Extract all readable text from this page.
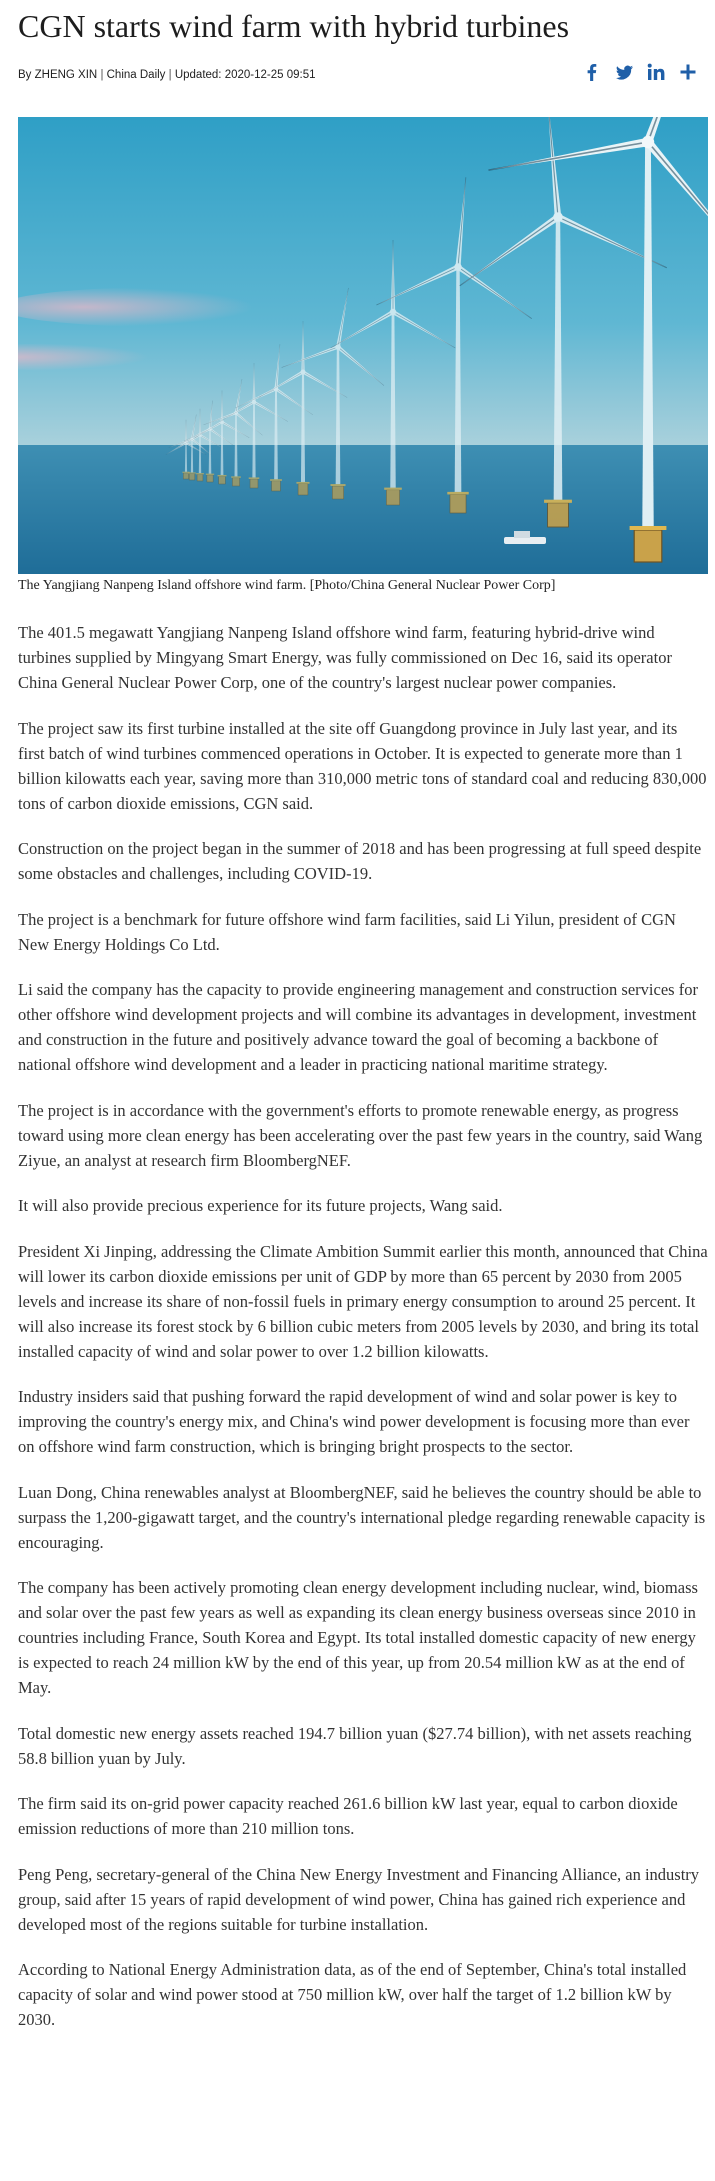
CGN starts wind farm with hybrid turbines
By ZHENG XIN | China Daily | Updated: 2020-12-25 09:51
The Yangjiang Nanpeng Island offshore wind farm. [Photo/China General Nuclear Power Corp]

The 401.5 megawatt Yangjiang Nanpeng Island offshore wind farm, featuring hybrid-drive wind turbines supplied by Mingyang Smart Energy, was fully commissioned on Dec 16, said its operator China General Nuclear Power Corp, one of the country's largest nuclear power companies.

The project saw its first turbine installed at the site off Guangdong province in July last year, and its first batch of wind turbines commenced operations in October. It is expected to generate more than 1 billion kilowatts each year, saving more than 310,000 metric tons of standard coal and reducing 830,000 tons of carbon dioxide emissions, CGN said.

Construction on the project began in the summer of 2018 and has been progressing at full speed despite some obstacles and challenges, including COVID-19.

The project is a benchmark for future offshore wind farm facilities, said Li Yilun, president of CGN New Energy Holdings Co Ltd.

Li said the company has the capacity to provide engineering management and construction services for other offshore wind development projects and will combine its advantages in development, investment and construction in the future and positively advance toward the goal of becoming a backbone of national offshore wind development and a leader in practicing national maritime strategy.

The project is in accordance with the government's efforts to promote renewable energy, as progress toward using more clean energy has been accelerating over the past few years in the country, said Wang Ziyue, an analyst at research firm BloombergNEF.

It will also provide precious experience for its future projects, Wang said.

President Xi Jinping, addressing the Climate Ambition Summit earlier this month, announced that China will lower its carbon dioxide emissions per unit of GDP by more than 65 percent by 2030 from 2005 levels and increase its share of non-fossil fuels in primary energy consumption to around 25 percent. It will also increase its forest stock by 6 billion cubic meters from 2005 levels by 2030, and bring its total installed capacity of wind and solar power to over 1.2 billion kilowatts.

Industry insiders said that pushing forward the rapid development of wind and solar power is key to improving the country's energy mix, and China's wind power development is focusing more than ever on offshore wind farm construction, which is bringing bright prospects to the sector.

Luan Dong, China renewables analyst at BloombergNEF, said he believes the country should be able to surpass the 1,200-gigawatt target, and the country's international pledge regarding renewable capacity is encouraging.

The company has been actively promoting clean energy development including nuclear, wind, biomass and solar over the past few years as well as expanding its clean energy business overseas since 2010 in countries including France, South Korea and Egypt. Its total installed domestic capacity of new energy is expected to reach 24 million kW by the end of this year, up from 20.54 million kW as at the end of May.

Total domestic new energy assets reached 194.7 billion yuan ($27.74 billion), with net assets reaching 58.8 billion yuan by July.

The firm said its on-grid power capacity reached 261.6 billion kW last year, equal to carbon dioxide emission reductions of more than 210 million tons.

Peng Peng, secretary-general of the China New Energy Investment and Financing Alliance, an industry group, said after 15 years of rapid development of wind power, China has gained rich experience and developed most of the regions suitable for turbine installation.

According to National Energy Administration data, as of the end of September, China's total installed capacity of solar and wind power stood at 750 million kW, over half the target of 1.2 billion kW by 2030.
